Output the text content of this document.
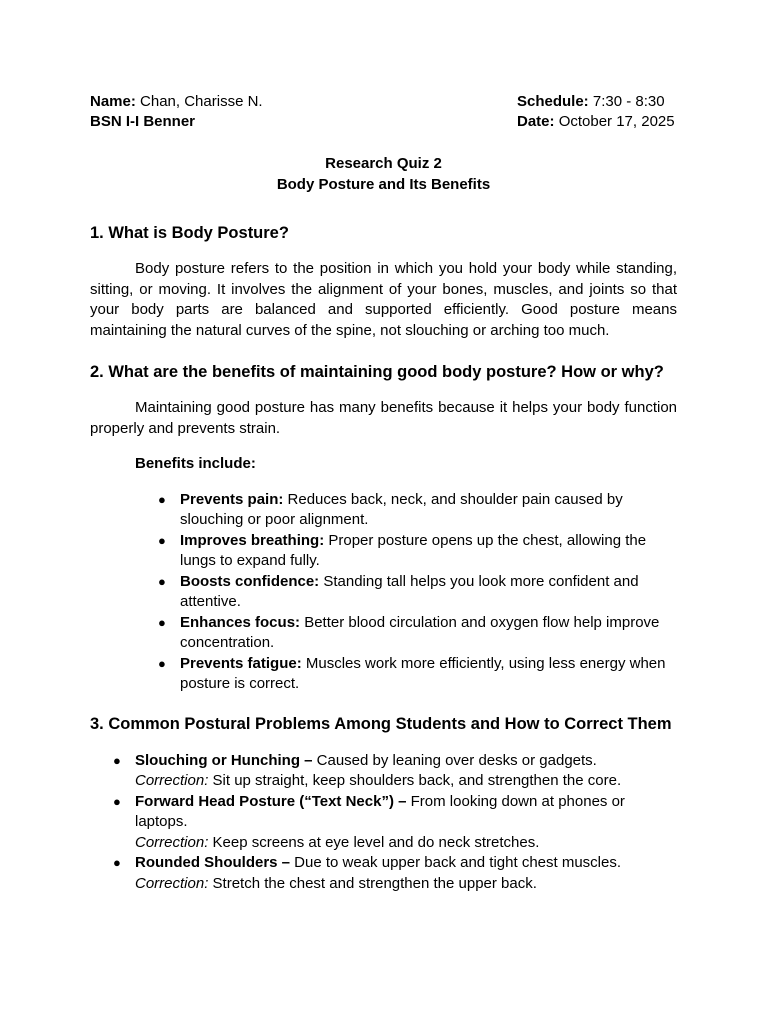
Name: Chan, Charisse N.	Schedule: 7:30 - 8:30
BSN I-I Benner	Date: October 17, 2025
Research Quiz 2
Body Posture and Its Benefits
1. What is Body Posture?

Body posture refers to the position in which you hold your body while standing, sitting, or moving. It involves the alignment of your bones, muscles, and joints so that your body parts are balanced and supported efficiently. Good posture means maintaining the natural curves of the spine, not slouching or arching too much.

2. What are the benefits of maintaining good body posture? How or why?

Maintaining good posture has many benefits because it helps your body function properly and prevents strain.

Benefits include:

● Prevents pain: Reduces back, neck, and shoulder pain caused by slouching or poor alignment.
● Improves breathing: Proper posture opens up the chest, allowing the lungs to expand fully.
● Boosts confidence: Standing tall helps you look more confident and attentive.
● Enhances focus: Better blood circulation and oxygen flow help improve concentration.
● Prevents fatigue: Muscles work more efficiently, using less energy when posture is correct.
3. Common Postural Problems Among Students and How to Correct Them
● Slouching or Hunching – Caused by leaning over desks or gadgets.
Correction: Sit up straight, keep shoulders back, and strengthen the core.
● Forward Head Posture (“Text Neck”) – From looking down at phones or laptops.
Correction: Keep screens at eye level and do neck stretches.
● Rounded Shoulders – Due to weak upper back and tight chest muscles.
Correction: Stretch the chest and strengthen the upper back.
